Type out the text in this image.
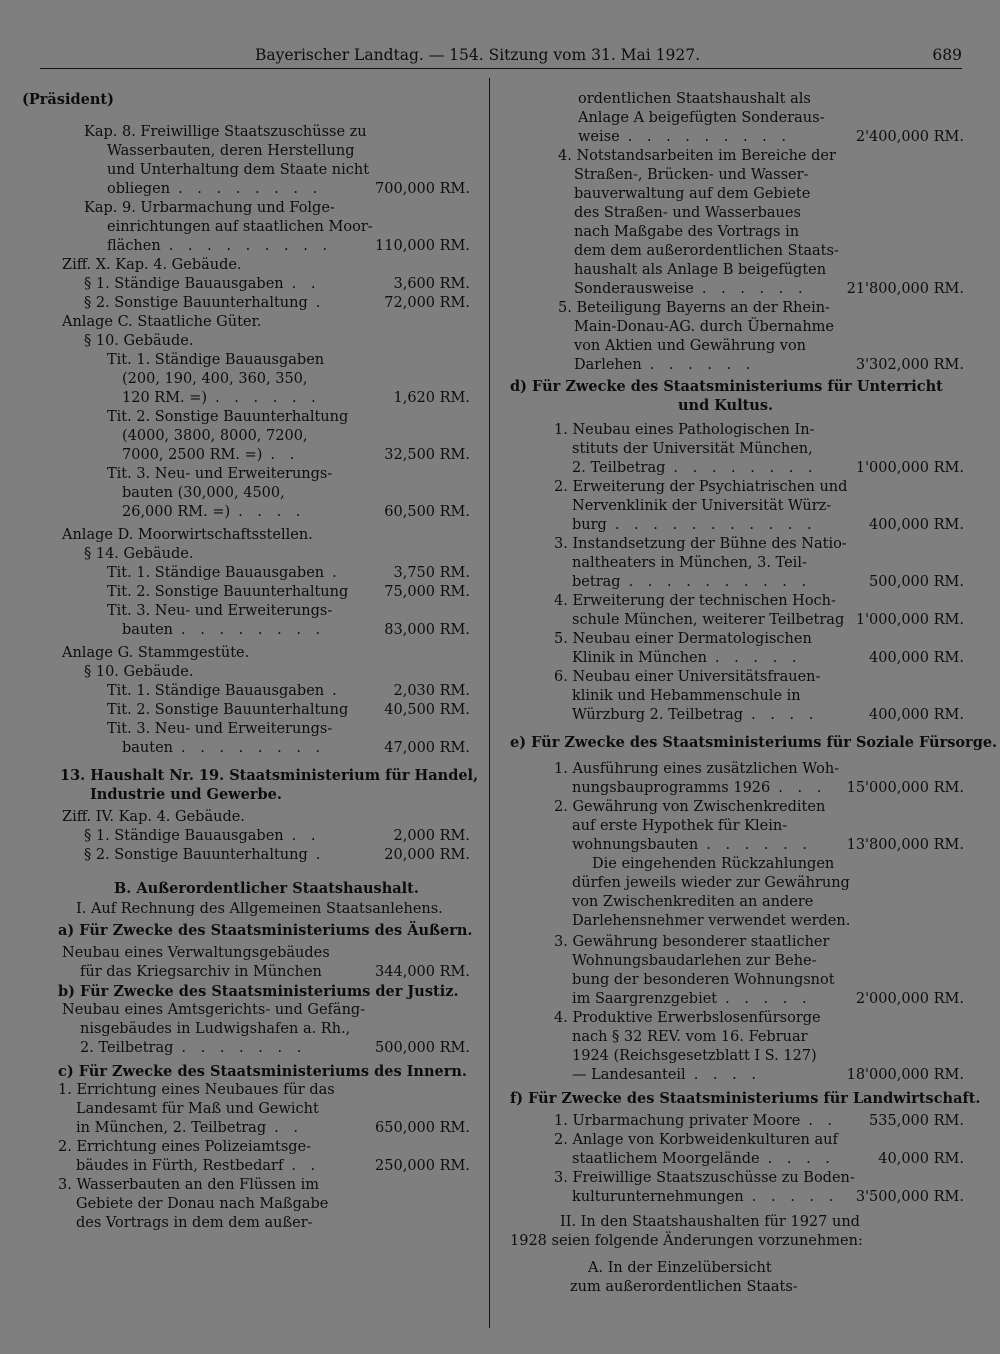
Bayerischer Landtag. — 154. Sitzung vom 31. Mai 1927.	689
(Präsident)
Kap. 8. Freiwillige Staatszuschüsse zu
Wasserbauten, deren Herstellung
und Unterhaltung dem Staate nicht
obliegen . . . . . . . .	700,000 RM.
Kap. 9. Urbarmachung und Folge-
einrichtungen auf staatlichen Moor-
flächen . . . . . . . . .	110,000 RM.
Ziff. X. Kap. 4. Gebäude.
§ 1. Ständige Bauausgaben . .	3,600 RM.
§ 2. Sonstige Bauunterhaltung .	72,000 RM.
Anlage C. Staatliche Güter.
§ 10. Gebäude.
Tit. 1. Ständige Bauausgaben
(200, 190, 400, 360, 350,
120 RM. =) . . . . . .	1,620 RM.
Tit. 2. Sonstige Bauunterhaltung
(4000, 3800, 8000, 7200,
7000, 2500 RM. =) . .	32,500 RM.
Tit. 3. Neu- und Erweiterungs-
bauten (30,000, 4500,
26,000 RM. =) . . . .	60,500 RM.
Anlage D. Moorwirtschaftsstellen.
§ 14. Gebäude.
Tit. 1. Ständige Bauausgaben .	3,750 RM.
Tit. 2. Sonstige Bauunterhaltung 75,000 RM.
Tit. 3. Neu- und Erweiterungs-
bauten . . . . . . . .	83,000 RM.
Anlage G. Stammgestüte.
§ 10. Gebäude.
Tit. 1. Ständige Bauausgaben .	2,030 RM.
Tit. 2. Sonstige Bauunterhaltung 40,500 RM.
Tit. 3. Neu- und Erweiterungs-
bauten . . . . . . . .	47,000 RM.
13. Haushalt Nr. 19. Staatsministerium für Handel,
Industrie und Gewerbe.
Ziff. IV. Kap. 4. Gebäude.
§ 1. Ständige Bauausgaben . .	2,000 RM.
§ 2. Sonstige Bauunterhaltung .	20,000 RM.
B. Außerordentlicher Staatshaushalt.
I. Auf Rechnung des Allgemeinen Staatsanlehens.
a) Für Zwecke des Staatsministeriums des Äußern.
Neubau eines Verwaltungsgebäudes
für das Kriegsarchiv in München	344,000 RM.
b) Für Zwecke des Staatsministeriums der Justiz.
Neubau eines Amtsgerichts- und Gefäng-
nisgebäudes in Ludwigshafen a. Rh.,
2. Teilbetrag . . . . . . .	500,000 RM.
c) Für Zwecke des Staatsministeriums des Innern.
1. Errichtung eines Neubaues für das
Landesamt für Maß und Gewicht
in München, 2. Teilbetrag . .	650,000 RM.
2. Errichtung eines Polizeiamtsge-
bäudes in Fürth, Restbedarf . .	250,000 RM.
3. Wasserbauten an den Flüssen im
Gebiete der Donau nach Maßgabe
des Vortrags in dem dem außer-
ordentlichen Staatshaushalt als
Anlage A beigefügten Sonderaus-
weise . . . . . . . . .	2'400,000 RM.
4. Notstandsarbeiten im Bereiche der
Straßen-, Brücken- und Wasser-
bauverwaltung auf dem Gebiete
des Straßen- und Wasserbaues
nach Maßgabe des Vortrags in
dem dem außerordentlichen Staats-
haushalt als Anlage B beigefügten
Sonderausweise . . . . . .	21'800,000 RM.
5. Beteiligung Bayerns an der Rhein-
Main-Donau-AG. durch Übernahme
von Aktien und Gewährung von
Darlehen . . . . . .	3'302,000 RM.
d) Für Zwecke des Staatsministeriums für Unterricht
und Kultus.
1. Neubau eines Pathologischen In-
stituts der Universität München,
2. Teilbetrag . . . . . . . .	1'000,000 RM.
2. Erweiterung der Psychiatrischen und
Nervenklinik der Universität Würz-
burg . . . . . . . . . . .	400,000 RM.
3. Instandsetzung der Bühne des Natio-
naltheaters in München, 3. Teil-
betrag . . . . . . . . . .	500,000 RM.
4. Erweiterung der technischen Hoch-
schule München, weiterer Teilbetrag 1'000,000 RM.
5. Neubau einer Dermatologischen
Klinik in München . . . . .	400,000 RM.
6. Neubau einer Universitätsfrauen-
klinik und Hebammenschule in
Würzburg 2. Teilbetrag . . . .	400,000 RM.
e) Für Zwecke des Staatsministeriums für Soziale Fürsorge.
1. Ausführung eines zusätzlichen Woh-
nungsbauprogramms 1926 . . . 15'000,000 RM.
2. Gewährung von Zwischenkrediten
auf erste Hypothek für Klein-
wohnungsbauten . . . . . . 13'800,000 RM.
Die eingehenden Rückzahlungen
dürfen jeweils wieder zur Gewährung
von Zwischenkrediten an andere
Darlehensnehmer verwendet werden.
3. Gewährung besonderer staatlicher
Wohnungsbaudarlehen zur Behe-
bung der besonderen Wohnungsnot
im Saargrenzgebiet . . . . .	2'000,000 RM.
4. Produktive Erwerbslosenfürsorge
nach § 32 REV. vom 16. Februar
1924 (Reichsgesetzblatt I S. 127)
— Landesanteil . . . .	18'000,000 RM.
f) Für Zwecke des Staatsministeriums für Landwirtschaft.
1. Urbarmachung privater Moore . . 535,000 RM.
2. Anlage von Korbweidenkulturen auf
staatlichem Moorgelände . . . .	40,000 RM.
3. Freiwillige Staatszuschüsse zu Boden-
kulturunternehmungen . . . . . 3'500,000 RM.
II. In den Staatshaushalten für 1927 und
1928 seien folgende Änderungen vorzunehmen:
A. In der Einzelübersicht
zum außerordentlichen Staats-
